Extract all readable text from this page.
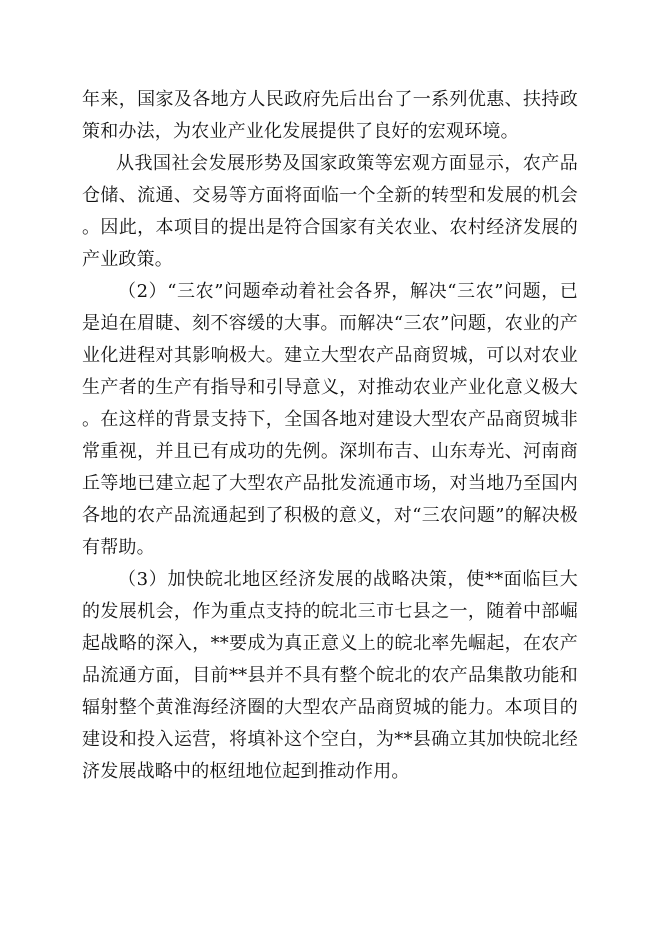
年来，国家及各地方人民政府先后出台了一系列优惠、扶持政策和办法，为农业产业化发展提供了良好的宏观环境。

从我国社会发展形势及国家政策等宏观方面显示，农产品仓储、流通、交易等方面将面临一个全新的转型和发展的机会。因此，本项目的提出是符合国家有关农业、农村经济发展的产业政策。

（2）“三农”问题牵动着社会各界，解决“三农”问题，已是迫在眉睫、刻不容缓的大事。而解决“三农”问题，农业的产业化进程对其影响极大。建立大型农产品商贸城，可以对农业生产者的生产有指导和引导意义，对推动农业产业化意义极大。在这样的背景支持下，全国各地对建设大型农产品商贸城非常重视，并且已有成功的先例。深圳布吉、山东寿光、河南商丘等地已建立起了大型农产品批发流通市场，对当地乃至国内各地的农产品流通起到了积极的意义，对“三农问题”的解决极有帮助。

（3）加快皖北地区经济发展的战略决策，使**面临巨大的发展机会，作为重点支持的皖北三市七县之一，随着中部崛起战略的深入，**要成为真正意义上的皖北率先崛起，在农产品流通方面，目前**县并不具有整个皖北的农产品集散功能和辐射整个黄淮海经济圈的大型农产品商贸城的能力。本项目的建设和投入运营，将填补这个空白，为**县确立其加快皖北经济发展战略中的枢纽地位起到推动作用。
